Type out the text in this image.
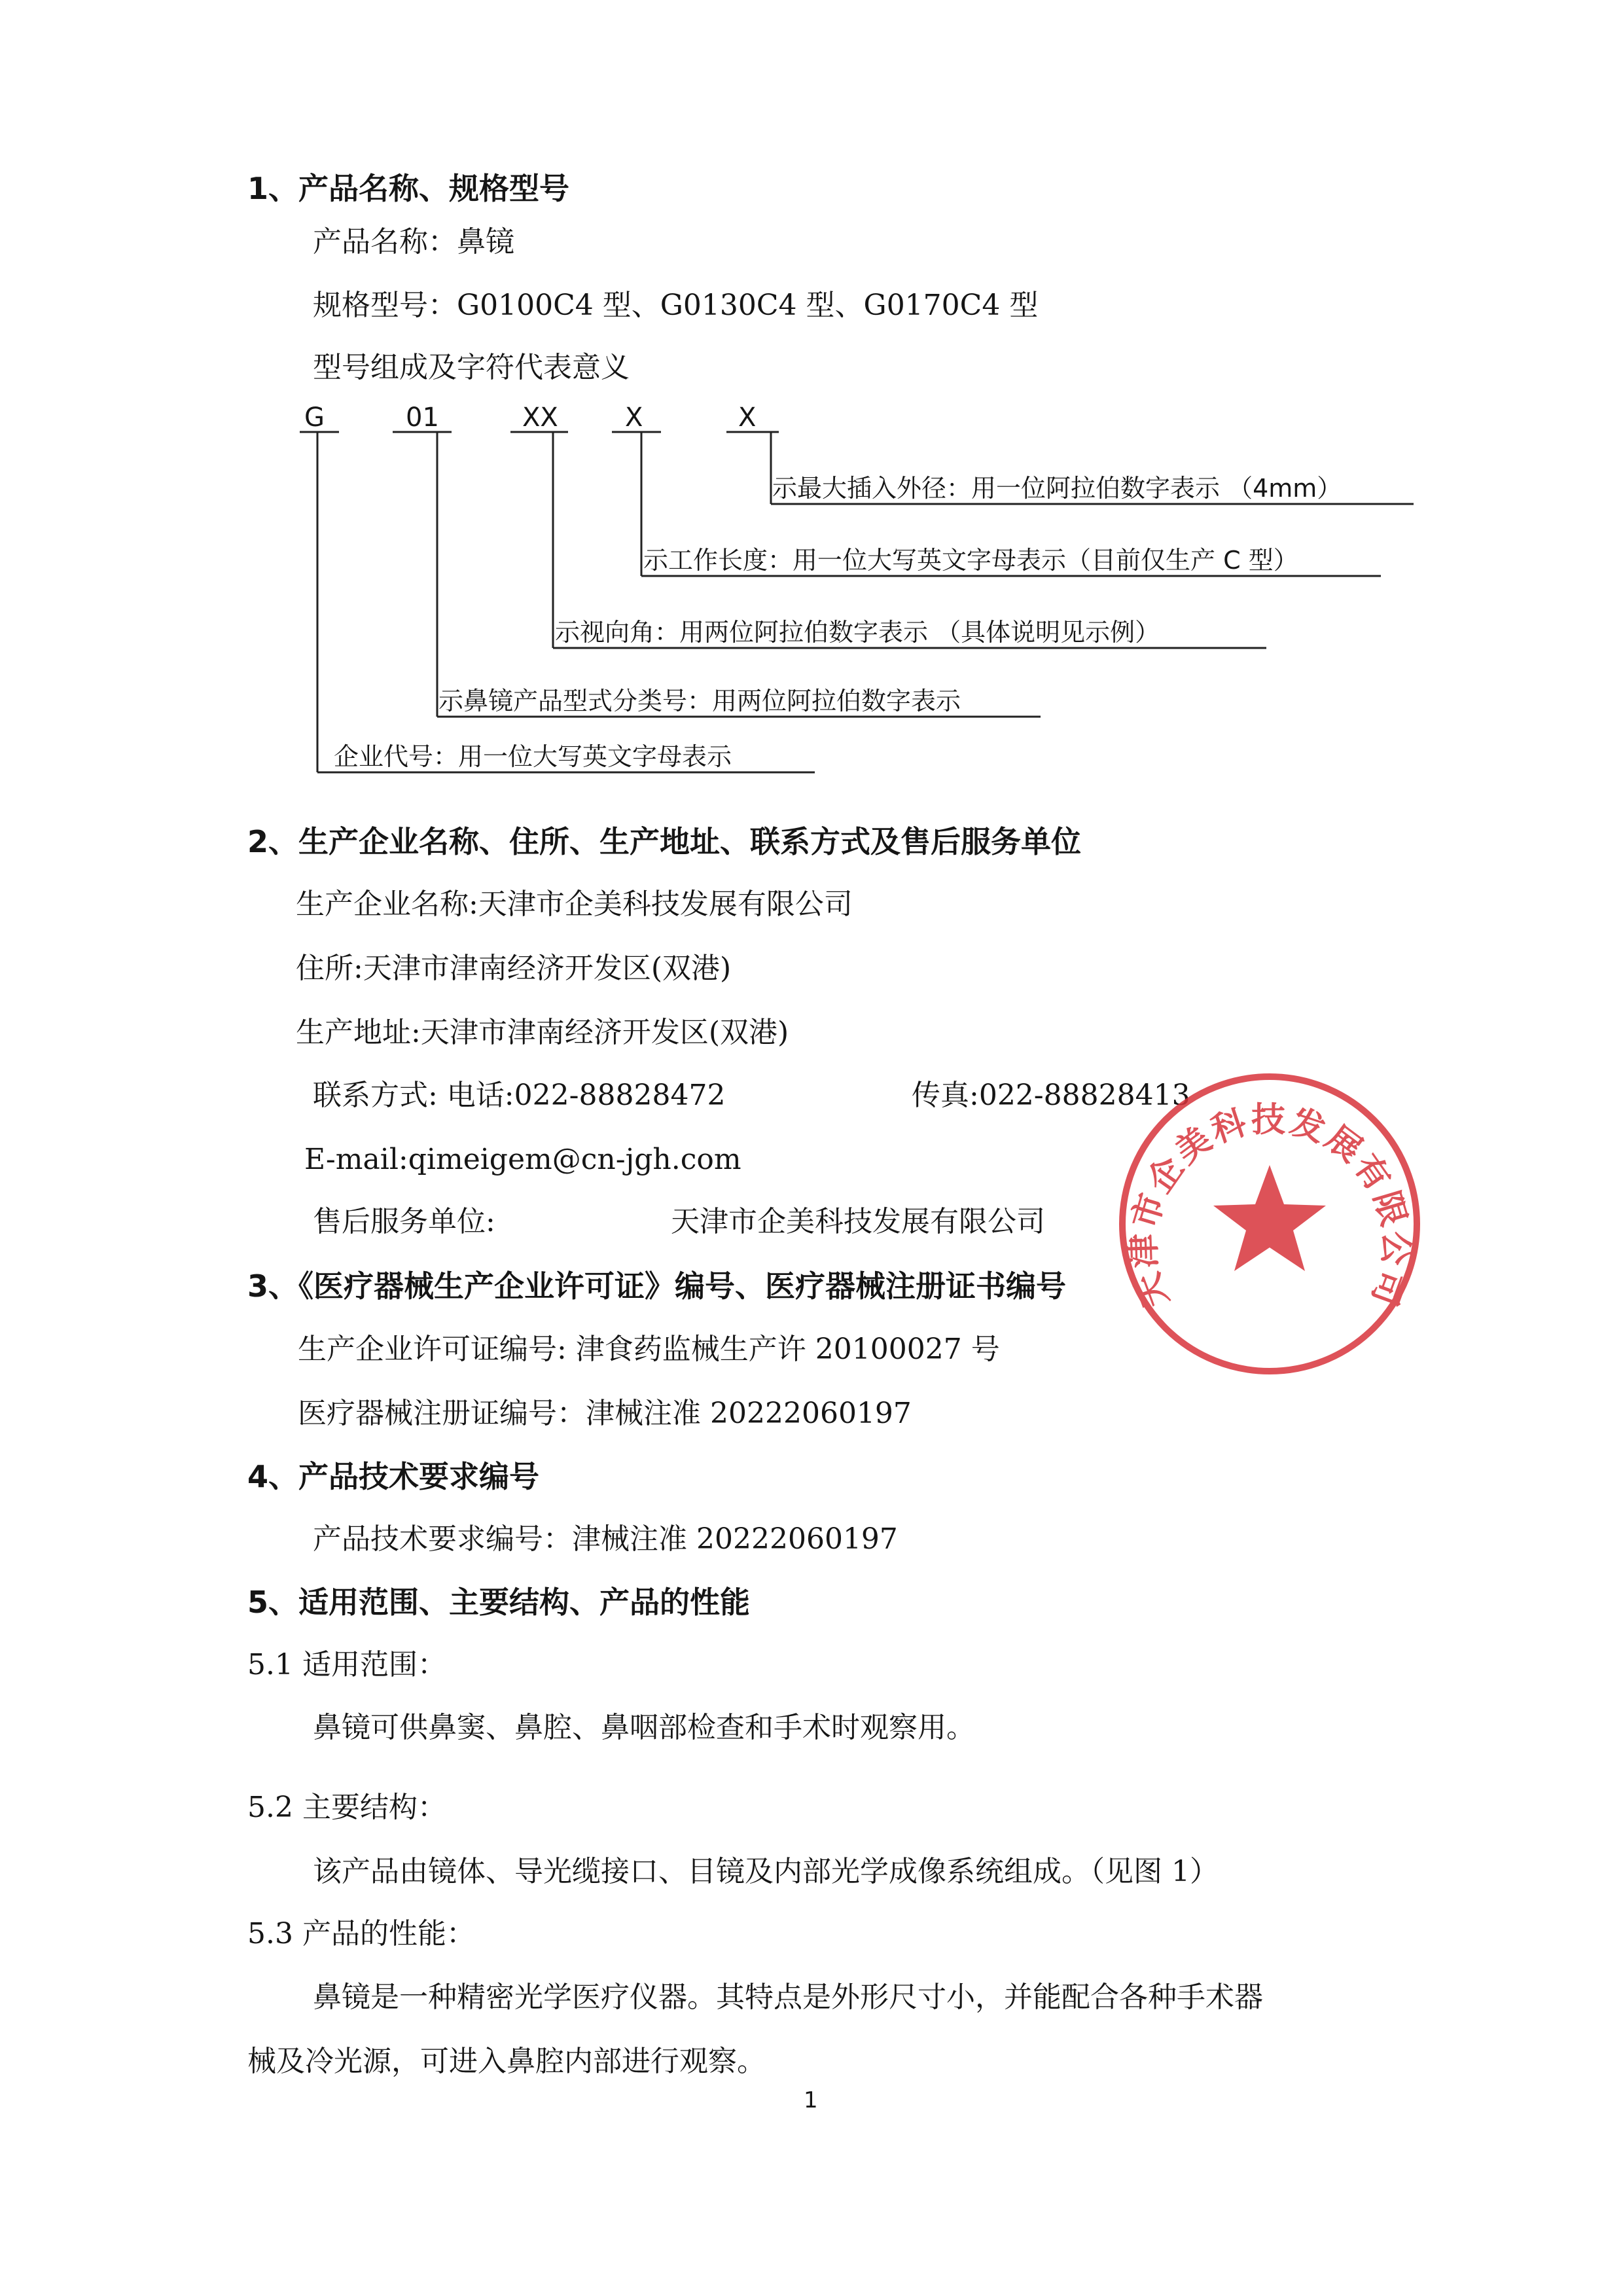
1、产品名称、规格型号
产品名称：鼻镜
规格型号：G0100C4 型、G0130C4 型、G0170C4 型
型号组成及字符代表意义
G	01	XX	X	X
示最大插入外径：用一位阿拉伯数字表示 （4mm）
示工作长度：用一位大写英文字母表示（目前仅生产 C 型）
示视向角：用两位阿拉伯数字表示 （具体说明见示例）
示鼻镜产品型式分类号：用两位阿拉伯数字表示
企业代号：用一位大写英文字母表示
2、生产企业名称、住所、生产地址、联系方式及售后服务单位
生产企业名称:天津市企美科技发展有限公司
住所:天津市津南经济开发区(双港)
生产地址:天津市津南经济开发区(双港)
联系方式: 电话:022-88828472	传真:022-88828413
E-mail:qimeigem@cn-jgh.com
售后服务单位:	天津市企美科技发展有限公司
3、《医疗器械生产企业许可证》编号、医疗器械注册证书编号
生产企业许可证编号: 津食药监械生产许 20100027 号
医疗器械注册证编号：津械注准 20222060197
4、产品技术要求编号
产品技术要求编号：津械注准 20222060197
5、适用范围、主要结构、产品的性能
5.1 适用范围：
鼻镜可供鼻窦、鼻腔、鼻咽部检查和手术时观察用。
5.2 主要结构：
该产品由镜体、导光缆接口、目镜及内部光学成像系统组成。（见图 1）
5.3 产品的性能：
鼻镜是一种精密光学医疗仪器。其特点是外形尺寸小，并能配合各种手术器
械及冷光源，可进入鼻腔内部进行观察。
1
天津市企美科技发展有限公司
